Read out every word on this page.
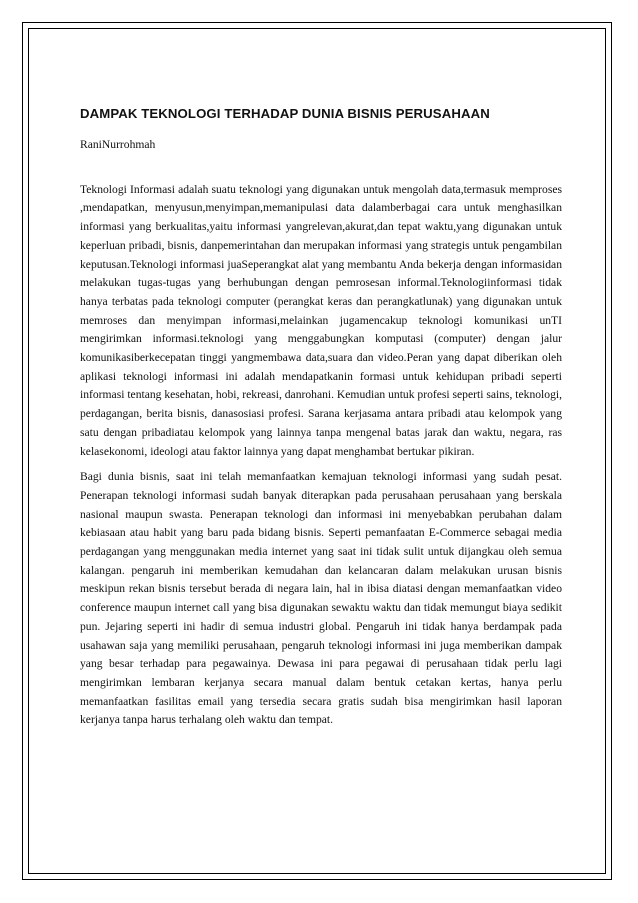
DAMPAK TEKNOLOGI TERHADAP DUNIA BISNIS PERUSAHAAN

RaniNurrohmah

Teknologi Informasi adalah suatu teknologi yang digunakan untuk mengolah data,termasuk memproses ,mendapatkan, menyusun,menyimpan,memanipulasi data dalamberbagai cara untuk menghasilkan informasi yang berkualitas,yaitu informasi yangrelevan,akurat,dan tepat waktu,yang digunakan untuk keperluan pribadi, bisnis, danpemerintahan dan merupakan informasi yang strategis untuk pengambilan keputusan.Teknologi informasi juaSeperangkat alat yang membantu Anda bekerja dengan informasidan melakukan tugas-tugas yang berhubungan dengan pemrosesan informal.Teknologiinformasi tidak hanya terbatas pada teknologi computer (perangkat keras dan perangkatlunak) yang digunakan untuk memroses dan menyimpan informasi,melainkan jugamencakup teknologi komunikasi unTI mengirimkan informasi.teknologi yang menggabungkan komputasi (computer) dengan jalur komunikasiberkecepatan tinggi yangmembawa data,suara dan video.Peran yang dapat diberikan oleh aplikasi teknologi informasi ini adalah mendapatkanin formasi untuk kehidupan pribadi seperti informasi tentang kesehatan, hobi, rekreasi, danrohani. Kemudian untuk profesi seperti sains, teknologi, perdagangan, berita bisnis, danasosiasi profesi. Sarana kerjasama antara pribadi atau kelompok yang satu dengan pribadiatau kelompok yang lainnya tanpa mengenal batas jarak dan waktu, negara, ras kelasekonomi, ideologi atau faktor lainnya yang dapat menghambat bertukar pikiran.

Bagi dunia bisnis, saat ini telah memanfaatkan kemajuan teknologi informasi yang sudah pesat. Penerapan teknologi informasi sudah banyak diterapkan pada perusahaan perusahaan yang berskala nasional maupun swasta. Penerapan teknologi dan informasi ini menyebabkan perubahan dalam kebiasaan atau habit yang baru pada bidang bisnis. Seperti pemanfaatan E-Commerce sebagai media perdagangan yang menggunakan media internet yang saat ini tidak sulit untuk dijangkau oleh semua kalangan. pengaruh ini memberikan kemudahan dan kelancaran dalam melakukan urusan bisnis meskipun rekan bisnis tersebut berada di negara lain, hal in ibisa diatasi dengan memanfaatkan video conference maupun internet call yang bisa digunakan sewaktu waktu dan tidak memungut biaya sedikit pun. Jejaring seperti ini hadir di semua industri global. Pengaruh ini tidak hanya berdampak pada usahawan saja yang memiliki perusahaan, pengaruh teknologi informasi ini juga memberikan dampak yang besar terhadap para pegawainya. Dewasa ini para pegawai di perusahaan tidak perlu lagi mengirimkan lembaran kerjanya secara manual dalam bentuk cetakan kertas, hanya perlu memanfaatkan fasilitas email yang tersedia secara gratis sudah bisa mengirimkan hasil laporan kerjanya tanpa harus terhalang oleh waktu dan tempat.
